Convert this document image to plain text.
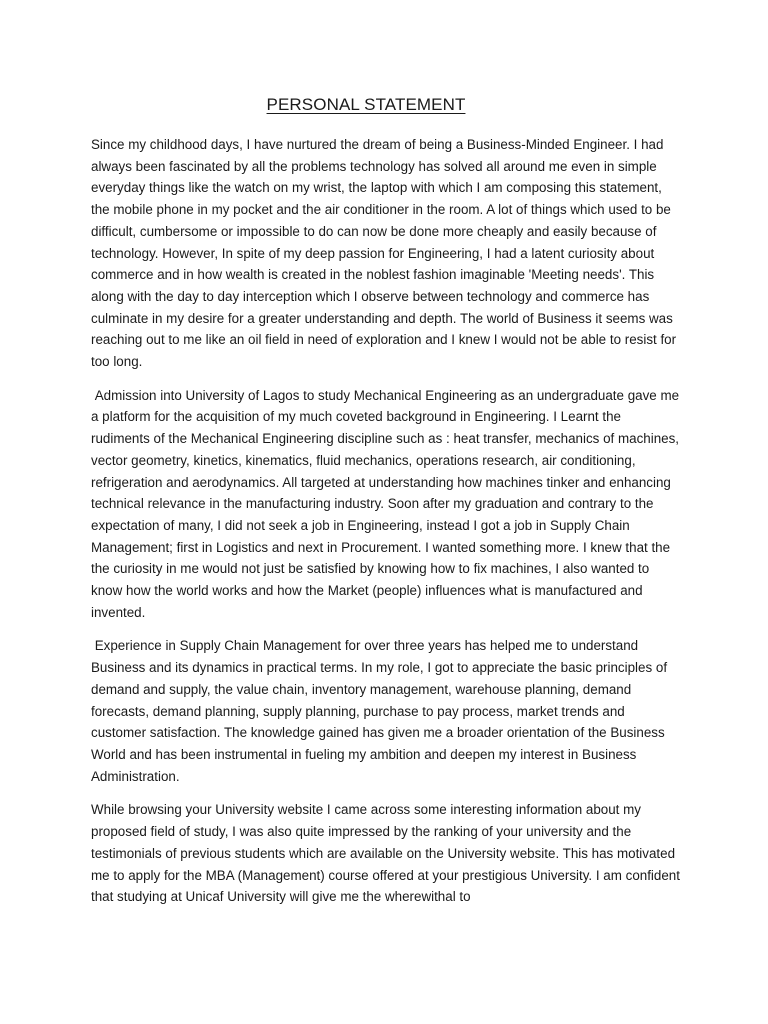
PERSONAL STATEMENT

Since my childhood days, I have nurtured the dream of being a Business-Minded Engineer. I had always been fascinated by all the problems technology has solved all around me even in simple everyday things like the watch on my wrist, the laptop with which I am composing this statement, the mobile phone in my pocket and the air conditioner in the room. A lot of things which used to be difficult, cumbersome or impossible to do can now be done more cheaply and easily because of technology. However, In spite of my deep passion for Engineering, I had a latent curiosity about commerce and in how wealth is created in the noblest fashion imaginable 'Meeting needs'. This along with the day to day interception which I observe between technology and commerce has culminate in my desire for a greater understanding and depth. The world of Business it seems was reaching out to me like an oil field in need of exploration and I knew I would not be able to resist for too long.

Admission into University of Lagos to study Mechanical Engineering as an undergraduate gave me a platform for the acquisition of my much coveted background in Engineering. I Learnt the rudiments of the Mechanical Engineering discipline such as : heat transfer, mechanics of machines, vector geometry, kinetics, kinematics, fluid mechanics, operations research, air conditioning, refrigeration and aerodynamics. All targeted at understanding how machines tinker and enhancing technical relevance in the manufacturing industry. Soon after my graduation and contrary to the expectation of many, I did not seek a job in Engineering, instead I got a job in Supply Chain Management; first in Logistics and next in Procurement. I wanted something more. I knew that the the curiosity in me would not just be satisfied by knowing how to fix machines, I also wanted to know how the world works and how the Market (people) influences what is manufactured and invented.

Experience in Supply Chain Management for over three years has helped me to understand Business and its dynamics in practical terms. In my role, I got to appreciate the basic principles of demand and supply, the value chain, inventory management, warehouse planning, demand forecasts, demand planning, supply planning, purchase to pay process, market trends and customer satisfaction. The knowledge gained has given me a broader orientation of the Business World and has been instrumental in fueling my ambition and deepen my interest in Business Administration.

While browsing your University website I came across some interesting information about my proposed field of study, I was also quite impressed by the ranking of your university and the testimonials of previous students which are available on the University website. This has motivated me to apply for the MBA (Management) course offered at your prestigious University. I am confident that studying at Unicaf University will give me the wherewithal to
